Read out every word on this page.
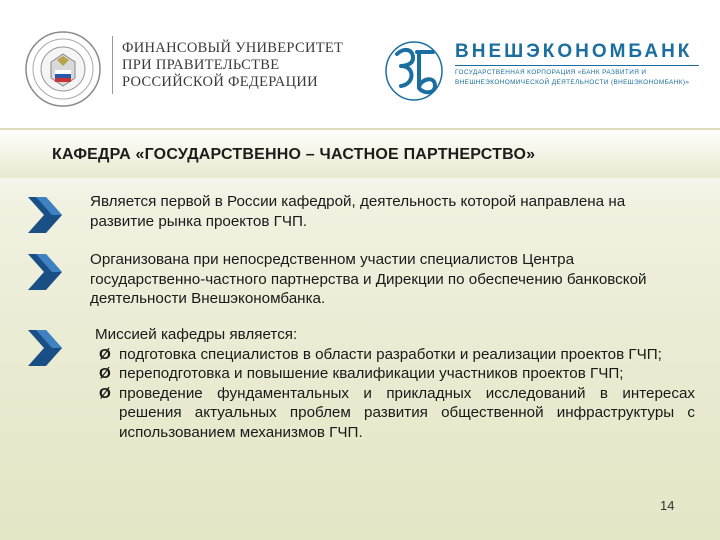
ФИНАНСОВЫЙ УНИВЕРСИТЕТ
ПРИ ПРАВИТЕЛЬСТВЕ
РОССИЙСКОЙ ФЕДЕРАЦИИ
ВНЕШЭКОНОМБАНК
ГОСУДАРСТВЕННАЯ КОРПОРАЦИЯ «БАНК РАЗВИТИЯ И
ВНЕШНЕЭКОНОМИЧЕСКОЙ ДЕЯТЕЛЬНОСТИ (ВНЕШЭКОНОМБАНК)»
КАФЕДРА «ГОСУДАРСТВЕННО – ЧАСТНОЕ ПАРТНЕРСТВО»
Является первой в России кафедрой, деятельность которой направлена на развитие рынка проектов ГЧП.
Организована при непосредственном участии специалистов Центра государственно-частного партнерства и Дирекции по обеспечению банковской деятельности Внешэкономбанка.
Миссией кафедры является:
Ø подготовка специалистов в области разработки и реализации проектов ГЧП;
Ø переподготовка и повышение квалификации участников проектов ГЧП;
Ø проведение фундаментальных и прикладных исследований в интересах решения актуальных проблем развития общественной инфраструктуры с использованием механизмов ГЧП.
14
